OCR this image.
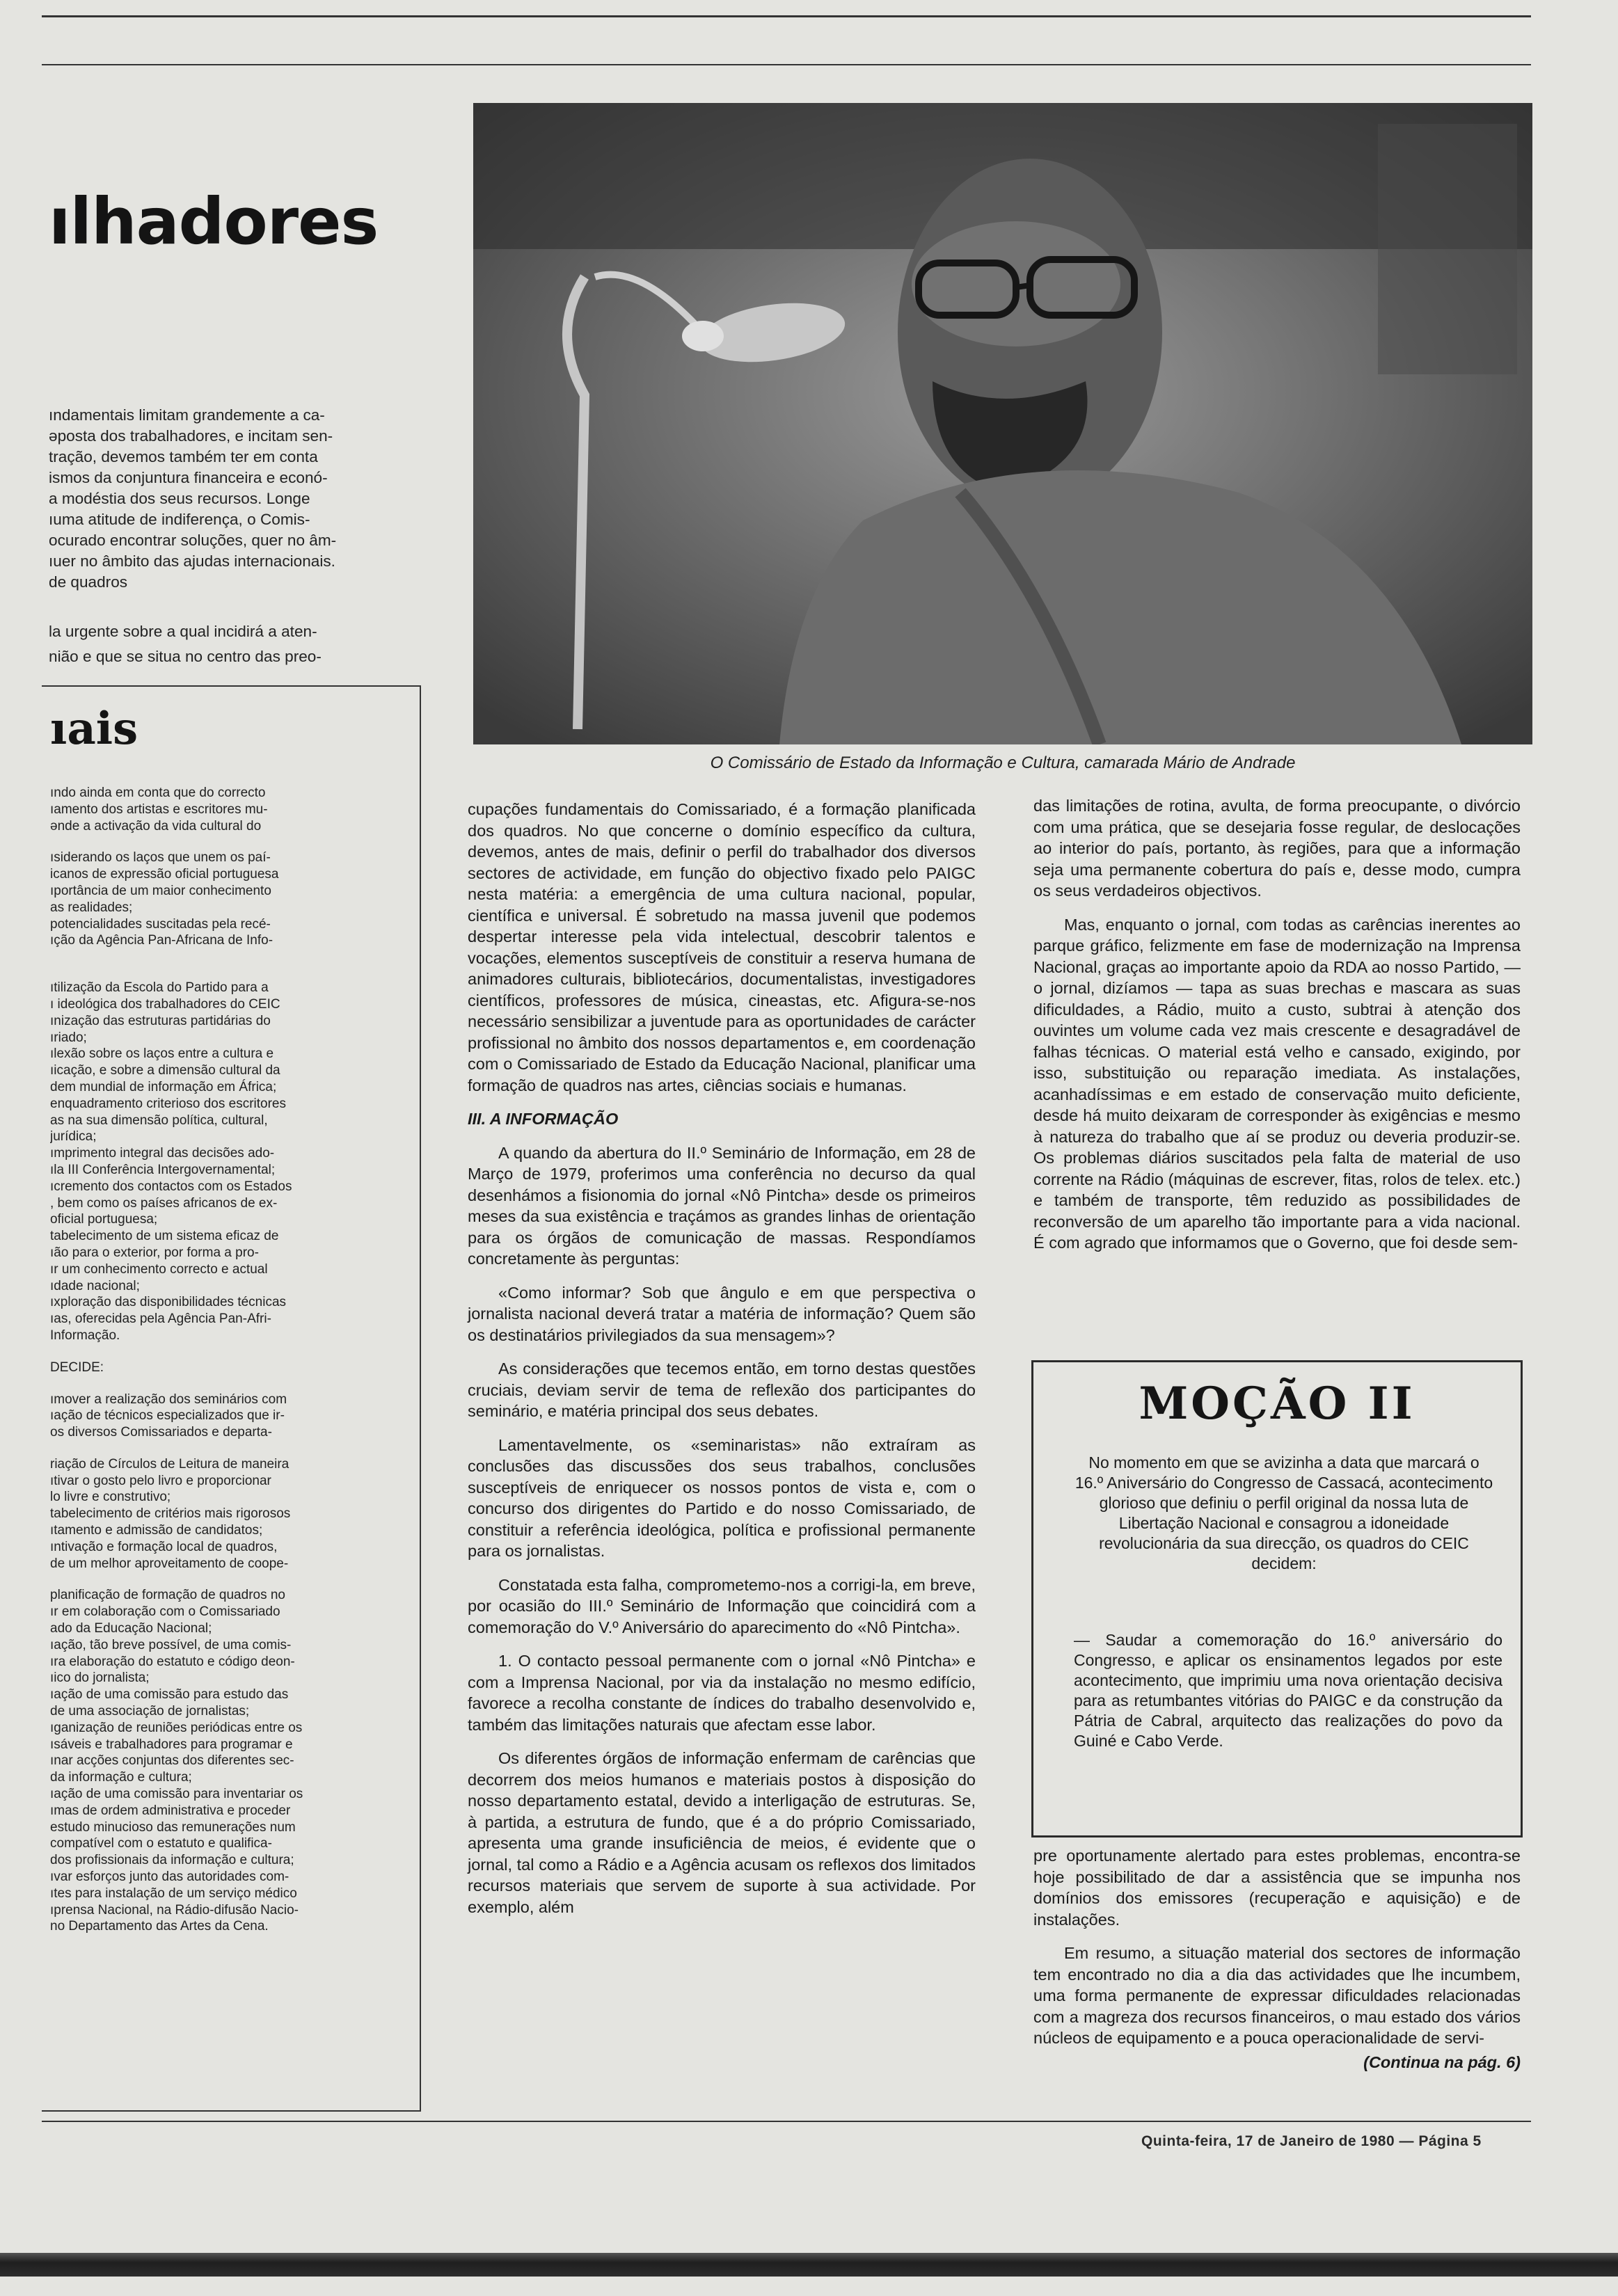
ılhadores
O Comissário de Estado da Informação e Cultura, camarada Mário de Andrade
ındamentais limitam grandemente a ca-
əposta dos trabalhadores, e incitam sen-
tração, devemos também ter em conta
ismos da conjuntura financeira e econó-
a modéstia dos seus recursos. Longe
ıuma atitude de indiferença, o Comis-
ocurado encontrar soluções, quer no âm-
ıuer no âmbito das ajudas internacionais.
de quadros
la urgente sobre a qual incidirá a aten-
nião e que se situa no centro das preo-
ıais
ındo ainda em conta que do correcto
ıamento dos artistas e escritores mu-
ənde a activação da vida cultural do
ısiderando os laços que unem os paí-
icanos de expressão oficial portuguesa
ıportância de um maior conhecimento
as realidades;
potencialidades suscitadas pela recé-
ıção da Agência Pan-Africana de Info-
ıtilização da Escola do Partido para a
ı ideológica dos trabalhadores do CEIC
ınização das estruturas partidárias do
ıriado;
ılexão sobre os laços entre a cultura e
ıicação, e sobre a dimensão cultural da
dem mundial de informação em África;
enquadramento criterioso dos escritores
as na sua dimensão política, cultural,
jurídica;
ımprimento integral das decisões ado-
ıla III Conferência Intergovernamental;
ıcremento dos contactos com os Estados
, bem como os países africanos de ex-
oficial portuguesa;
tabelecimento de um sistema eficaz de
ıão para o exterior, por forma a pro-
ır um conhecimento correcto e actual
ıdade nacional;
ıxploração das disponibilidades técnicas
ıas, oferecidas pela Agência Pan-Afri-
Informação.
DECIDE:
ımover a realização dos seminários com
ıação de técnicos especializados que ir-
os diversos Comissariados e departa-
riação de Círculos de Leitura de maneira
ıtivar o gosto pelo livro e proporcionar
lo livre e construtivo;
tabelecimento de critérios mais rigorosos
ıtamento e admissão de candidatos;
ıntivação e formação local de quadros,
de um melhor aproveitamento de coope-
planificação de formação de quadros no
ır em colaboração com o Comissariado
ado da Educação Nacional;
ıação, tão breve possível, de uma comis-
ıra elaboração do estatuto e código deon-
ıico do jornalista;
ıação de uma comissão para estudo das
de uma associação de jornalistas;
ıganização de reuniões periódicas entre os
ısáveis e trabalhadores para programar e
ınar acções conjuntas dos diferentes sec-
da informação e cultura;
ıação de uma comissão para inventariar os
ımas de ordem administrativa e proceder
estudo minucioso das remunerações num
compatível com o estatuto e qualifica-
dos profissionais da informação e cultura;
ıvar esforços junto das autoridades com-
ıtes para instalação de um serviço médico
ıprensa Nacional, na Rádio-difusão Nacio-
no Departamento das Artes da Cena.

cupações fundamentais do Comissariado, é a formação planificada dos quadros. No que concerne o domínio específico da cultura, devemos, antes de mais, definir o perfil do trabalhador dos diversos sectores de actividade, em função do objectivo fixado pelo PAIGC nesta matéria: a emergência de uma cultura nacional, popular, científica e universal. É sobretudo na massa juvenil que podemos despertar interesse pela vida intelectual, descobrir talentos e vocações, elementos susceptíveis de constituir a reserva humana de animadores culturais, bibliotecários, documentalistas, investigadores científicos, professores de música, cineastas, etc. Afigura-se-nos necessário sensibilizar a juventude para as oportunidades de carácter profissional no âmbito dos nossos departamentos e, em coordenação com o Comissariado de Estado da Educação Nacional, planificar uma formação de quadros nas artes, ciências sociais e humanas.

III. A INFORMAÇÃO

A quando da abertura do II.º Seminário de Informação, em 28 de Março de 1979, proferimos uma conferência no decurso da qual desenhámos a fisionomia do jornal «Nô Pintcha» desde os primeiros meses da sua existência e traçámos as grandes linhas de orientação para os órgãos de comunicação de massas. Respondíamos concretamente às perguntas:

«Como informar? Sob que ângulo e em que perspectiva o jornalista nacional deverá tratar a matéria de informação? Quem são os destinatários privilegiados da sua mensagem»?

As considerações que tecemos então, em torno destas questões cruciais, deviam servir de tema de reflexão dos participantes do seminário, e matéria principal dos seus debates.

Lamentavelmente, os «seminaristas» não extraíram as conclusões das discussões dos seus trabalhos, conclusões susceptíveis de enriquecer os nossos pontos de vista e, com o concurso dos dirigentes do Partido e do nosso Comissariado, de constituir a referência ideológica, política e profissional permanente para os jornalistas.

Constatada esta falha, comprometemo-nos a corrigi-la, em breve, por ocasião do III.º Seminário de Informação que coincidirá com a comemoração do V.º Aniversário do aparecimento do «Nô Pintcha».

1. O contacto pessoal permanente com o jornal «Nô Pintcha» e com a Imprensa Nacional, por via da instalação no mesmo edifício, favorece a recolha constante de índices do trabalho desenvolvido e, também das limitações naturais que afectam esse labor.

Os diferentes órgãos de informação enfermam de carências que decorrem dos meios humanos e materiais postos à disposição do nosso departamento estatal, devido a interligação de estruturas. Se, à partida, a estrutura de fundo, que é a do próprio Comissariado, apresenta uma grande insuficiência de meios, é evidente que o jornal, tal como a Rádio e a Agência acusam os reflexos dos limitados recursos materiais que servem de suporte à sua actividade. Por exemplo, além

das limitações de rotina, avulta, de forma preocupante, o divórcio com uma prática, que se desejaria fosse regular, de deslocações ao interior do país, portanto, às regiões, para que a informação seja uma permanente cobertura do país e, desse modo, cumpra os seus verdadeiros objectivos.

Mas, enquanto o jornal, com todas as carências inerentes ao parque gráfico, felizmente em fase de modernização na Imprensa Nacional, graças ao importante apoio da RDA ao nosso Partido, — o jornal, dizíamos — tapa as suas brechas e mascara as suas dificuldades, a Rádio, muito a custo, subtrai à atenção dos ouvintes um volume cada vez mais crescente e desagradável de falhas técnicas. O material está velho e cansado, exigindo, por isso, substituição ou reparação imediata. As instalações, acanhadíssimas e em estado de conservação muito deficiente, desde há muito deixaram de corresponder às exigências e mesmo à natureza do trabalho que aí se produz ou deveria produzir-se. Os problemas diários suscitados pela falta de material de uso corrente na Rádio (máquinas de escrever, fitas, rolos de telex. etc.) e também de transporte, têm reduzido as possibilidades de reconversão de um aparelho tão importante para a vida nacional. É com agrado que informamos que o Governo, que foi desde sem-

MOÇÃO II
No momento em que se avizinha a data que marcará o 16.º Aniversário do Congresso de Cassacá, acontecimento glorioso que definiu o perfil original da nossa luta de Libertação Nacional e consagrou a idoneidade revolucionária da sua direcção, os quadros do CEIC decidem:
— Saudar a comemoração do 16.º aniversário do Congresso, e aplicar os ensinamentos legados por este acontecimento, que imprimiu uma nova orientação decisiva para as retumbantes vitórias do PAIGC e da construção da Pátria de Cabral, arquitecto das realizações do povo da Guiné e Cabo Verde.

pre oportunamente alertado para estes problemas, encontra-se hoje possibilitado de dar a assistência que se impunha nos domínios dos emissores (recuperação e aquisição) e de instalações.

Em resumo, a situação material dos sectores de informação tem encontrado no dia a dia das actividades que lhe incumbem, uma forma permanente de expressar dificuldades relacionadas com a magreza dos recursos financeiros, o mau estado dos vários núcleos de equipamento e a pouca operacionalidade de servi-

(Continua na pág. 6)
Quinta-feira, 17 de Janeiro de 1980 — Página 5
